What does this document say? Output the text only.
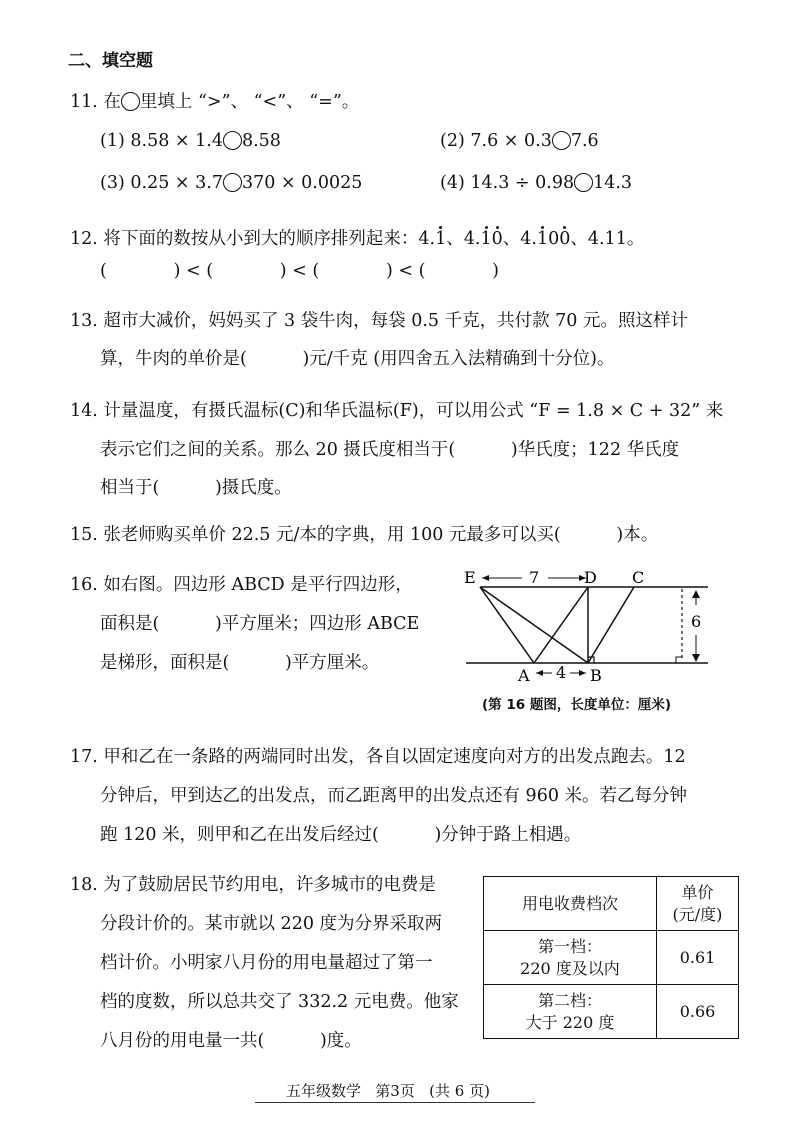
二、填空题
11. 在 里填上 “>”、 “<”、 “=”。
(1) 8.58 × 1.4 8.58	(2) 7.6 × 0.3 7.6
(3) 0.25 × 3.7 370 × 0.0025	(4) 14.3 ÷ 0.98 14.3
12. 将下面的数按从小到大的顺序排列起来：4.1、4.10、4.100、4.11。
(            ) < (            ) < (            ) < (            )
13. 超市大减价，妈妈买了 3 袋牛肉，每袋 0.5 千克，共付款 70 元。照这样计
算，牛肉的单价是(          )元/千克 (用四舍五入法精确到十分位)。
14. 计量温度，有摄氏温标(C)和华氏温标(F)，可以用公式 “F = 1.8 × C + 32” 来
表示它们之间的关系。那么 20 摄氏度相当于(          )华氏度；122 华氏度
相当于(          )摄氏度。
15. 张老师购买单价 22.5 元/本的字典，用 100 元最多可以买(          )本。
16. 如右图。四边形 ABCD 是平行四边形，
面积是(          )平方厘米；四边形 ABCE
是梯形，面积是(          )平方厘米。
E	D C
A	B
7
4
6
(第 16 题图，长度单位：厘米)
17. 甲和乙在一条路的两端同时出发，各自以固定速度向对方的出发点跑去。12
分钟后，甲到达乙的出发点，而乙距离甲的出发点还有 960 米。若乙每分钟
跑 120 米，则甲和乙在出发后经过(          )分钟于路上相遇。
18. 为了鼓励居民节约用电，许多城市的电费是
分段计价的。某市就以 220 度为分界采取两
档计价。小明家八月份的用电量超过了第一
档的度数，所以总共交了 332.2 元电费。他家
八月份的用电量一共(          )度。
用电收费档次	单价
(元/度)
第一档：
220 度及以内	0.61
第二档：
大于 220 度	0.66
五年级数学   第3页   (共 6 页)
